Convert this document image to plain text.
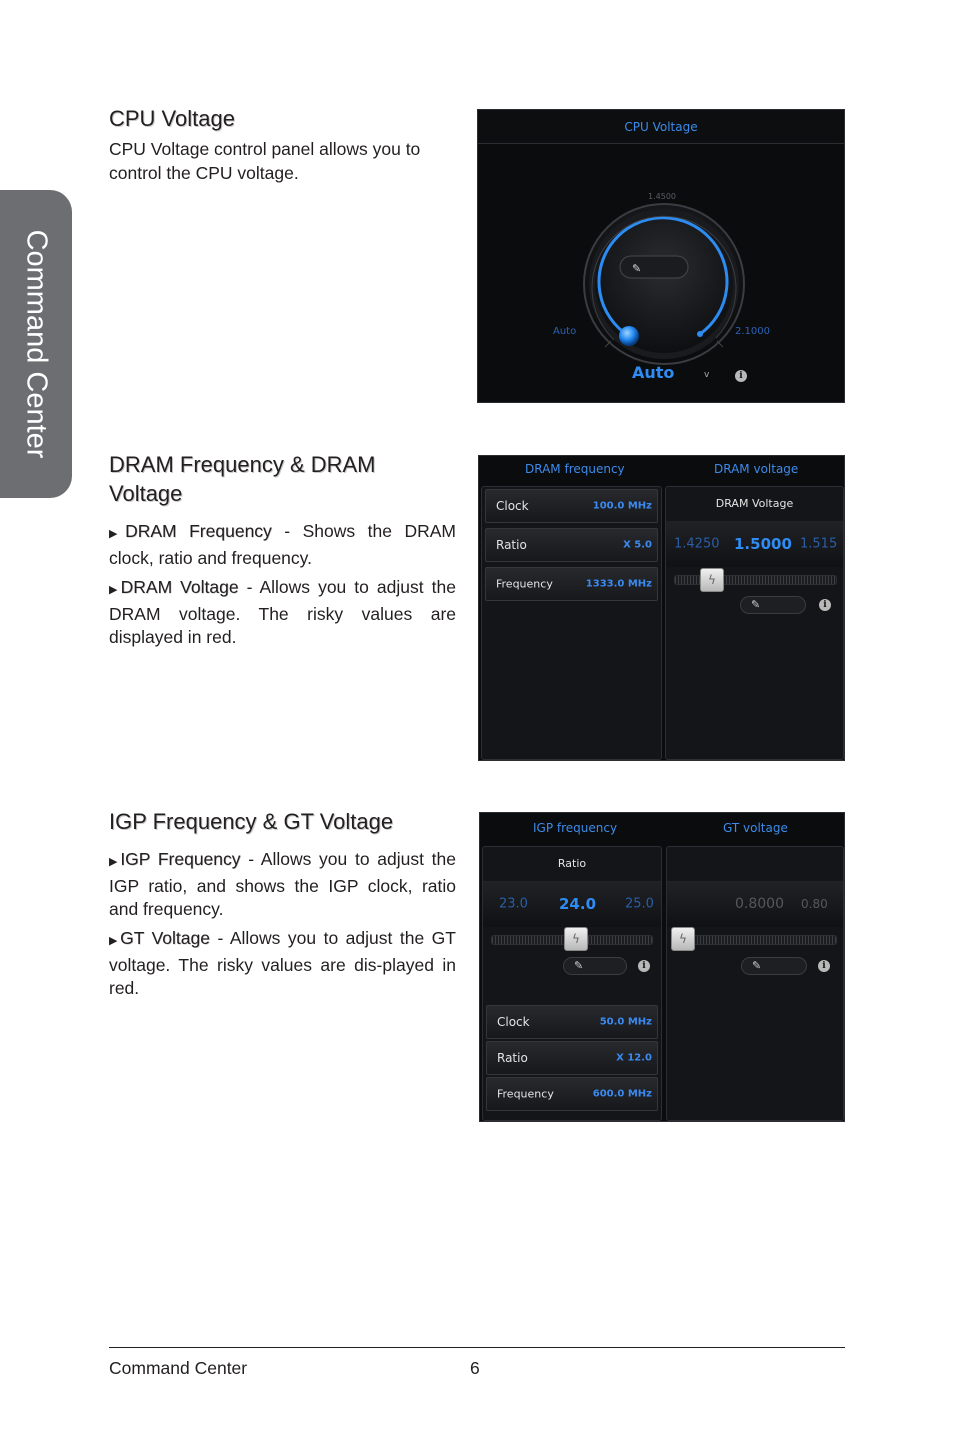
Command Center
CPU Voltage

CPU Voltage control panel allows you to control the CPU voltage.

CPU Voltage
✎
1.4500
Auto	2.1000
Auto	v	i
DRAM Frequency & DRAM
Voltage

▶DRAM Frequency - Shows the DRAM clock, ratio and frequency.

▶DRAM Voltage - Allows you to adjust the DRAM voltage. The risky values are displayed in red.

DRAM frequency	DRAM voltage
Clock	100.0 MHz
Ratio	X 5.0
Frequency	1333.0 MHz
DRAM Voltage
1.4250 1.5000 1.515
ϟ
✎	i
IGP Frequency & GT Voltage

▶IGP Frequency - Allows you to adjust the IGP ratio, and shows the IGP clock, ratio and frequency.

▶GT Voltage - Allows you to adjust the GT voltage. The risky values are dis-played in red.

IGP frequency	GT voltage
Ratio
23.0 24.0 25.0
ϟ
✎	i
Clock	50.0 MHz
Ratio	X 12.0
Frequency	600.0 MHz
0.8000 0.80
ϟ
✎	i
Command Center	6
